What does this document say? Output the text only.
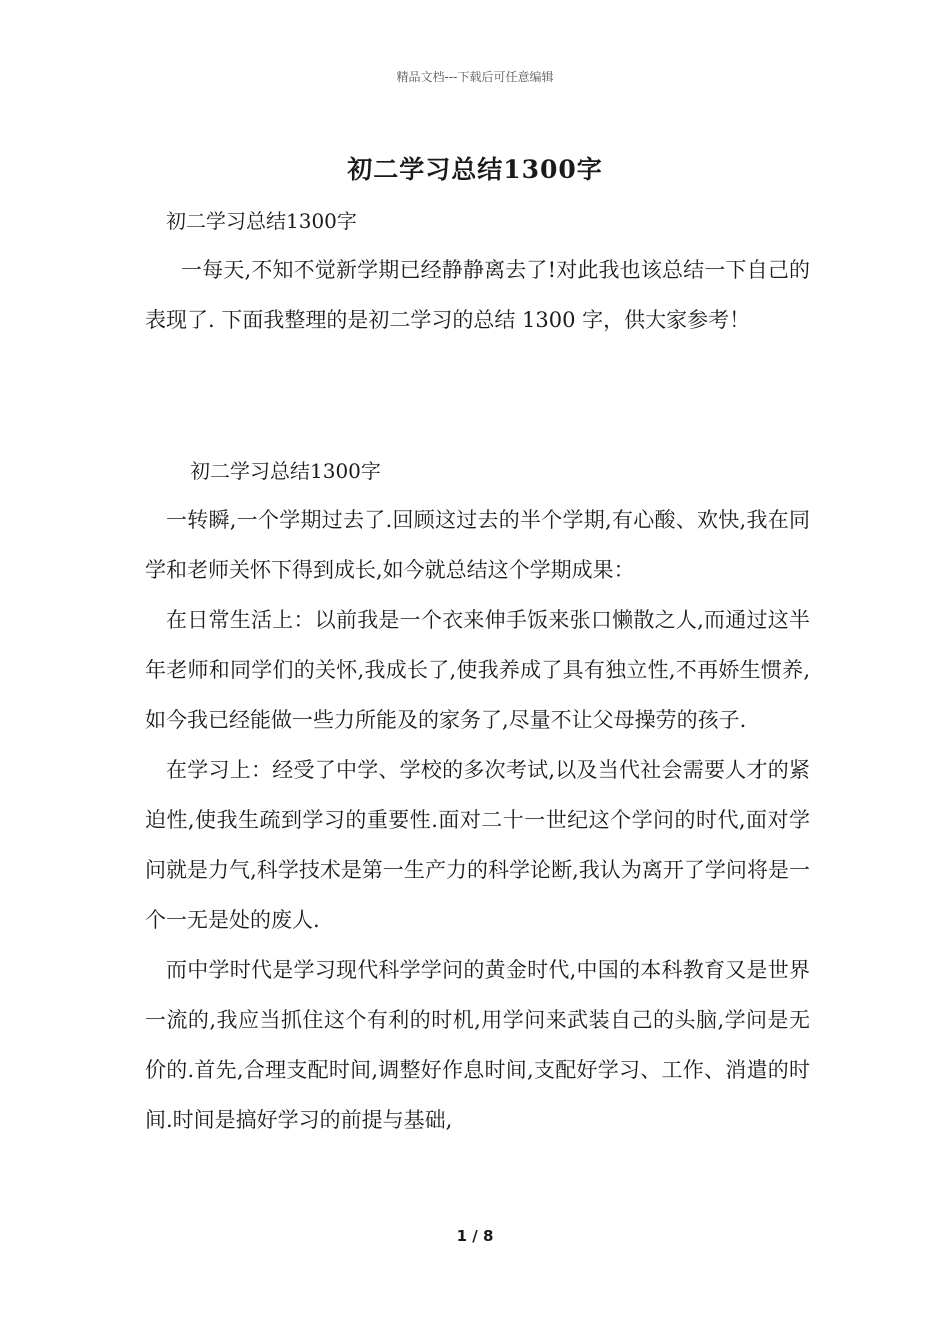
精品文档---下载后可任意编辑
初二学习总结1300字
初二学习总结1300字

一每天,不知不觉新学期已经静静离去了!对此我也该总结一下自己的表现了. 下面我整理的是初二学习的总结 1300 字，供大家参考！

初二学习总结1300字

一转瞬,一个学期过去了.回顾这过去的半个学期,有心酸、欢快,我在同学和老师关怀下得到成长,如今就总结这个学期成果：

在日常生活上：以前我是一个衣来伸手饭来张口懒散之人,而通过这半年老师和同学们的关怀,我成长了,使我养成了具有独立性,不再娇生惯养,如今我已经能做一些力所能及的家务了,尽量不让父母操劳的孩子.

在学习上：经受了中学、学校的多次考试,以及当代社会需要人才的紧迫性,使我生疏到学习的重要性.面对二十一世纪这个学问的时代,面对学问就是力气,科学技术是第一生产力的科学论断,我认为离开了学问将是一个一无是处的废人.

而中学时代是学习现代科学学问的黄金时代,中国的本科教育又是世界一流的,我应当抓住这个有利的时机,用学问来武装自己的头脑,学问是无价的.首先,合理支配时间,调整好作息时间,支配好学习、工作、消遣的时间.时间是搞好学习的前提与基础,

1 / 8
